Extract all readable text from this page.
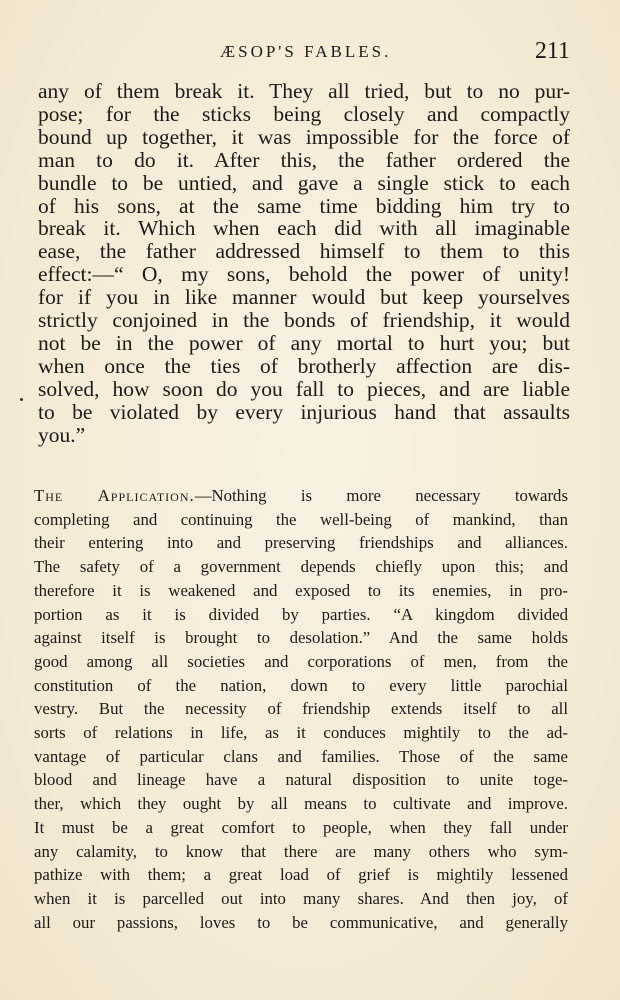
ÆSOP'S FABLES.	211

any of them break it. They all tried, but to no pur-
pose; for the sticks being closely and compactly
bound up together, it was impossible for the force of
man to do it. After this, the father ordered the
bundle to be untied, and gave a single stick to each
of his sons, at the same time bidding him try to
break it. Which when each did with all imaginable
ease, the father addressed himself to them to this
effect:—“ O, my sons, behold the power of unity!
for if you in like manner would but keep yourselves
strictly conjoined in the bonds of friendship, it would
not be in the power of any mortal to hurt you; but
when once the ties of brotherly affection are dis-
solved, how soon do you fall to pieces, and are liable
to be violated by every injurious hand that assaults
you.”

The Application.—Nothing is more necessary towards
completing and continuing the well-being of mankind, than
their entering into and preserving friendships and alliances.
The safety of a government depends chiefly upon this; and
therefore it is weakened and exposed to its enemies, in pro-
portion as it is divided by parties. “A kingdom divided
against itself is brought to desolation.” And the same holds
good among all societies and corporations of men, from the
constitution of the nation, down to every little parochial
vestry. But the necessity of friendship extends itself to all
sorts of relations in life, as it conduces mightily to the ad-
vantage of particular clans and families. Those of the same
blood and lineage have a natural disposition to unite toge-
ther, which they ought by all means to cultivate and improve.
It must be a great comfort to people, when they fall under
any calamity, to know that there are many others who sym-
pathize with them; a great load of grief is mightily lessened
when it is parcelled out into many shares. And then joy, of
all our passions, loves to be communicative, and generally
